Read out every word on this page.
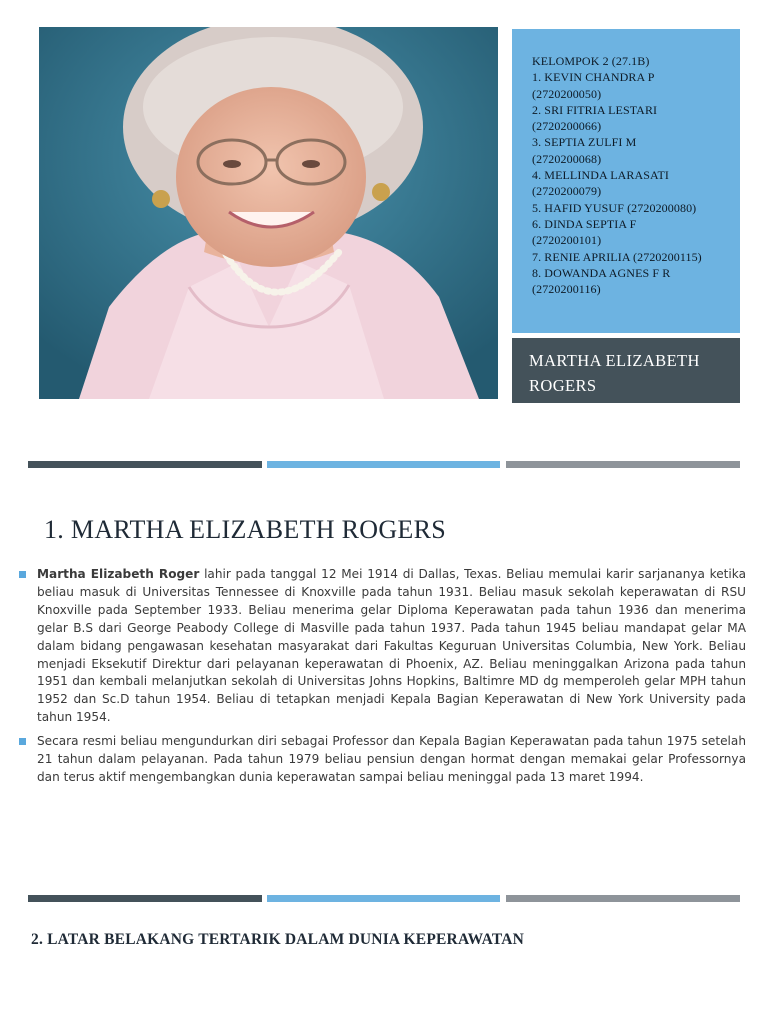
KELOMPOK 2 (27.1B)
1. KEVIN CHANDRA P
(2720200050)
2. SRI FITRIA LESTARI
(2720200066)
3. SEPTIA ZULFI M
(2720200068)
4. MELLINDA LARASATI
(2720200079)
5. HAFID YUSUF (2720200080)
6. DINDA SEPTIA F
(2720200101)
7. RENIE APRILIA (2720200115)
8. DOWANDA AGNES F R
(2720200116)
MARTHA ELIZABETH
ROGERS
1. MARTHA ELIZABETH ROGERS

Martha Elizabeth Roger lahir pada tanggal 12 Mei 1914 di Dallas, Texas. Beliau memulai karir sarjananya ketika beliau masuk di Universitas Tennessee di Knoxville pada tahun 1931. Beliau masuk sekolah keperawatan di RSU Knoxville pada September 1933. Beliau menerima gelar Diploma Keperawatan pada tahun 1936 dan menerima gelar B.S dari George Peabody College di Masville pada tahun 1937. Pada tahun 1945 beliau mandapat gelar MA dalam bidang pengawasan kesehatan masyarakat dari Fakultas Keguruan Universitas Columbia, New York. Beliau menjadi Eksekutif Direktur dari pelayanan keperawatan di Phoenix, AZ. Beliau meninggalkan Arizona pada tahun 1951 dan kembali melanjutkan sekolah di Universitas Johns Hopkins, Baltimre MD dg memperoleh gelar MPH tahun 1952 dan Sc.D tahun 1954. Beliau di tetapkan menjadi Kepala Bagian Keperawatan di New York University pada tahun 1954.

Secara resmi beliau mengundurkan diri sebagai Professor dan Kepala Bagian Keperawatan pada tahun 1975 setelah 21 tahun dalam pelayanan. Pada tahun 1979 beliau pensiun dengan hormat dengan memakai gelar Professornya dan terus aktif mengembangkan dunia keperawatan sampai beliau meninggal pada 13 maret 1994.

2. LATAR BELAKANG TERTARIK DALAM DUNIA KEPERAWATAN
